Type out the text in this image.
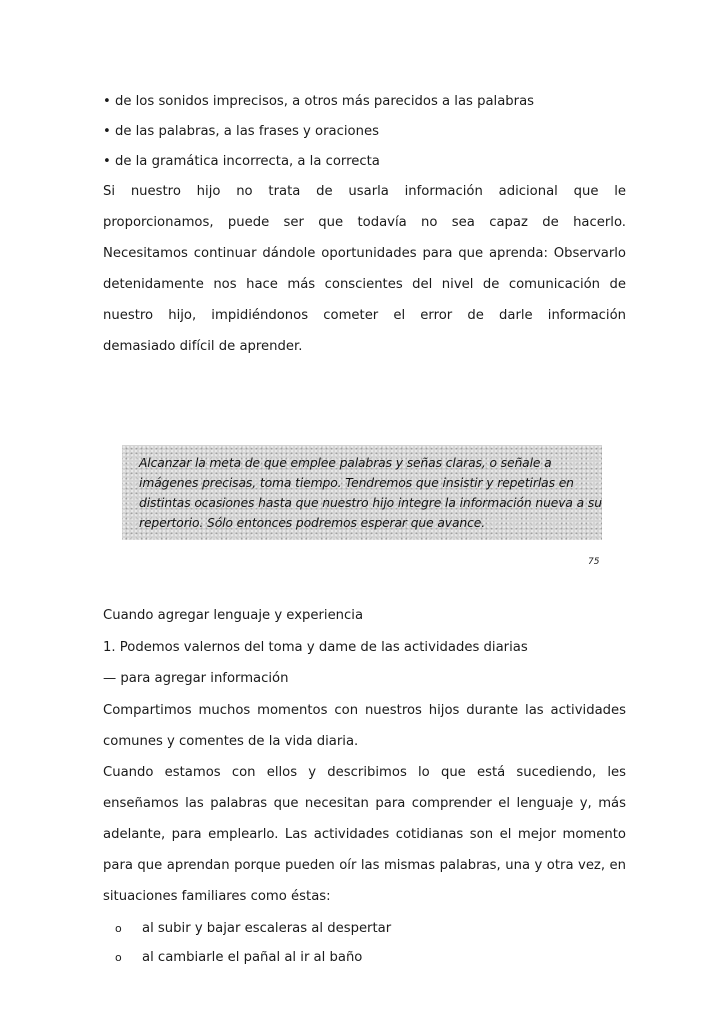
• de los sonidos imprecisos, a otros más parecidos a las palabras
• de las palabras, a las frases y oraciones
• de la gramática incorrecta, a la correcta
Si nuestro hijo no trata de usarla información adicional que le
proporcionamos, puede ser que todavía no sea capaz de hacerlo.
Necesitamos continuar dándole oportunidades para que aprenda: Observarlo
detenidamente nos hace más conscientes del nivel de comunicación de
nuestro hijo, impidiéndonos cometer el error de darle información
demasiado difícil de aprender.
Alcanzar la meta de que emplee palabras y señas claras, o señale a
imágenes precisas, toma tiempo. Tendremos que insistir y repetirlas en
distintas ocasiones hasta que nuestro hijo integre la información nueva a su
repertorio. Sólo entonces podremos esperar que avance.
75
Cuando agregar lenguaje y experiencia
1. Podemos valernos del toma y dame de las actividades diarias
— para agregar información
Compartimos muchos momentos con nuestros hijos durante las actividades
comunes y comentes de la vida diaria.
Cuando estamos con ellos y describimos lo que está sucediendo, les
enseñamos las palabras que necesitan para comprender el lenguaje y, más
adelante, para emplearlo. Las actividades cotidianas son el mejor momento
para que aprendan porque pueden oír las mismas palabras, una y otra vez, en
situaciones familiares como éstas:
o al subir y bajar escaleras al despertar
o al cambiarle el pañal al ir al baño
